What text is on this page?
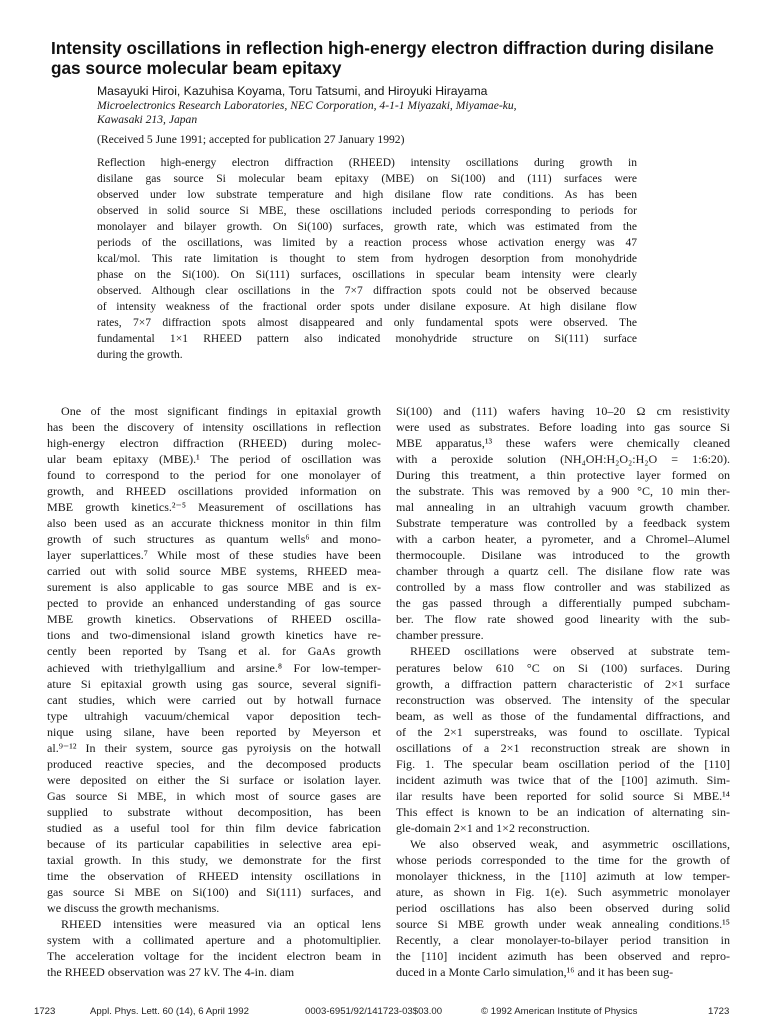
Intensity oscillations in reflection high-energy electron diffraction during disilane gas source molecular beam epitaxy
Masayuki Hiroi, Kazuhisa Koyama, Toru Tatsumi, and Hiroyuki Hirayama
Microelectronics Research Laboratories, NEC Corporation, 4-1-1 Miyazaki, Miyamae-ku,
Kawasaki 213, Japan
(Received 5 June 1991; accepted for publication 27 January 1992)
Reflection high-energy electron diffraction (RHEED) intensity oscillations during growth in
disilane gas source Si molecular beam epitaxy (MBE) on Si(100) and (111) surfaces were
observed under low substrate temperature and high disilane flow rate conditions. As has been
observed in solid source Si MBE, these oscillations included periods corresponding to periods for
monolayer and bilayer growth. On Si(100) surfaces, growth rate, which was estimated from the
periods of the oscillations, was limited by a reaction process whose activation energy was 47
kcal/mol. This rate limitation is thought to stem from hydrogen desorption from monohydride
phase on the Si(100). On Si(111) surfaces, oscillations in specular beam intensity were clearly
observed. Although clear oscillations in the 7×7 diffraction spots could not be observed because
of intensity weakness of the fractional order spots under disilane exposure. At high disilane flow
rates, 7×7 diffraction spots almost disappeared and only fundamental spots were observed. The
fundamental 1×1 RHEED pattern also indicated monohydride structure on Si(111) surface
during the growth.
One of the most significant findings in epitaxial growth
has been the discovery of intensity oscillations in reflection
high-energy electron diffraction (RHEED) during molec-
ular beam epitaxy (MBE).¹ The period of oscillation was
found to correspond to the period for one monolayer of
growth, and RHEED oscillations provided information on
MBE growth kinetics.²⁻⁵ Measurement of oscillations has
also been used as an accurate thickness monitor in thin film
growth of such structures as quantum wells⁶ and mono-
layer superlattices.⁷ While most of these studies have been
carried out with solid source MBE systems, RHEED mea-
surement is also applicable to gas source MBE and is ex-
pected to provide an enhanced understanding of gas source
MBE growth kinetics. Observations of RHEED oscilla-
tions and two-dimensional island growth kinetics have re-
cently been reported by Tsang et al. for GaAs growth
achieved with triethylgallium and arsine.⁸ For low-temper-
ature Si epitaxial growth using gas source, several signifi-
cant studies, which were carried out by hotwall furnace
type ultrahigh vacuum/chemical vapor deposition tech-
nique using silane, have been reported by Meyerson et
al.⁹⁻¹² In their system, source gas pyroiysis on the hotwall
produced reactive species, and the decomposed products
were deposited on either the Si surface or isolation layer.
Gas source Si MBE, in which most of source gases are
supplied to substrate without decomposition, has been
studied as a useful tool for thin film device fabrication
because of its particular capabilities in selective area epi-
taxial growth. In this study, we demonstrate for the first
time the observation of RHEED intensity oscillations in
gas source Si MBE on Si(100) and Si(111) surfaces, and
we discuss the growth mechanisms.
RHEED intensities were measured via an optical lens
system with a collimated aperture and a photomultiplier.
The acceleration voltage for the incident electron beam in
the RHEED observation was 27 kV. The 4-in. diam
Si(100) and (111) wafers having 10–20 Ω cm resistivity
were used as substrates. Before loading into gas source Si
MBE apparatus,¹³ these wafers were chemically cleaned
with a peroxide solution (NH₄OH:H₂O₂:H₂O = 1:6:20).
During this treatment, a thin protective layer formed on
the substrate. This was removed by a 900 °C, 10 min ther-
mal annealing in an ultrahigh vacuum growth chamber.
Substrate temperature was controlled by a feedback system
with a carbon heater, a pyrometer, and a Chromel–Alumel
thermocouple. Disilane was introduced to the growth
chamber through a quartz cell. The disilane flow rate was
controlled by a mass flow controller and was stabilized as
the gas passed through a differentially pumped subcham-
ber. The flow rate showed good linearity with the sub-
chamber pressure.
RHEED oscillations were observed at substrate tem-
peratures below 610 °C on Si (100) surfaces. During
growth, a diffraction pattern characteristic of 2×1 surface
reconstruction was observed. The intensity of the specular
beam, as well as those of the fundamental diffractions, and
of the 2×1 superstreaks, was found to oscillate. Typical
oscillations of a 2×1 reconstruction streak are shown in
Fig. 1. The specular beam oscillation period of the [110]
incident azimuth was twice that of the [100] azimuth. Sim-
ilar results have been reported for solid source Si MBE.¹⁴
This effect is known to be an indication of alternating sin-
gle-domain 2×1 and 1×2 reconstruction.
We also observed weak, and asymmetric oscillations,
whose periods corresponded to the time for the growth of
monolayer thickness, in the [110] azimuth at low temper-
ature, as shown in Fig. 1(e). Such asymmetric monolayer
period oscillations has also been observed during solid
source Si MBE growth under weak annealing conditions.¹⁵
Recently, a clear monolayer-to-bilayer period transition in
the [110] incident azimuth has been observed and repro-
duced in a Monte Carlo simulation,¹⁶ and it has been sug-
1723	Appl. Phys. Lett. 60 (14), 6 April 1992	0003-6951/92/141723-03$03.00	© 1992 American Institute of Physics	1723
